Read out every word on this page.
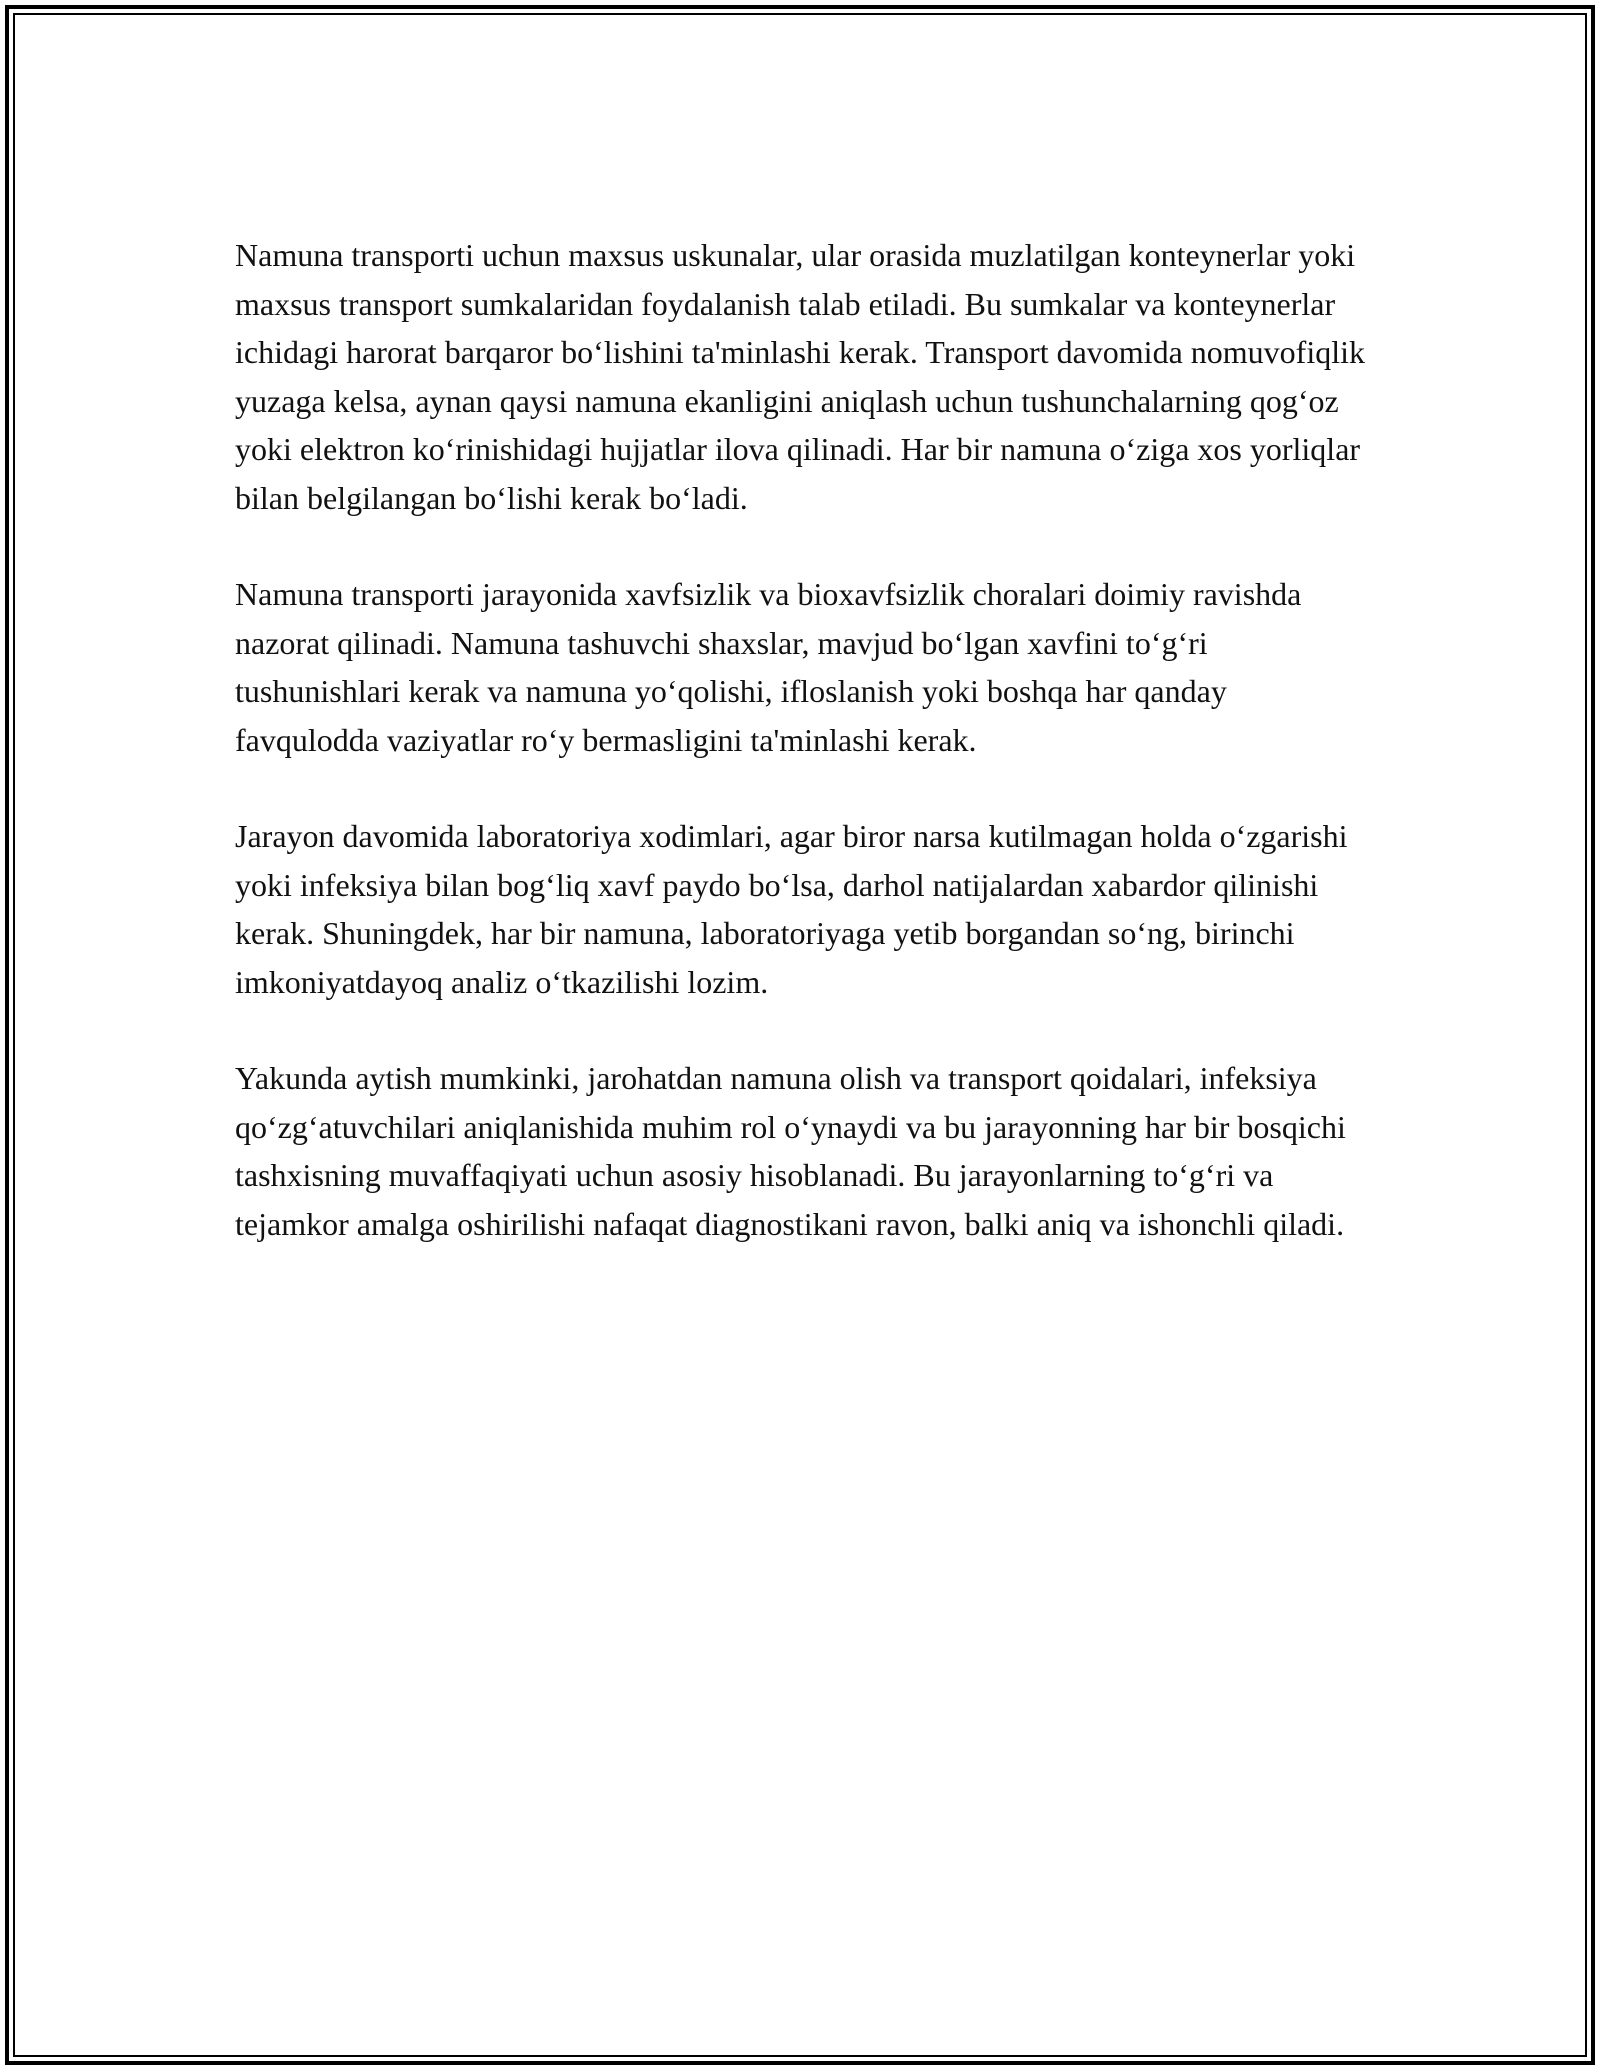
Namuna transporti uchun maxsus uskunalar, ular orasida muzlatilgan konteynerlar yoki maxsus transport sumkalaridan foydalanish talab etiladi. Bu sumkalar va konteynerlar ichidagi harorat barqaror bo‘lishini ta'minlashi kerak. Transport davomida nomuvofiqlik yuzaga kelsa, aynan qaysi namuna ekanligini aniqlash uchun tushunchalarning qog‘oz yoki elektron ko‘rinishidagi hujjatlar ilova qilinadi. Har bir namuna o‘ziga xos yorliqlar bilan belgilangan bo‘lishi kerak bo‘ladi.

Namuna transporti jarayonida xavfsizlik va bioxavfsizlik choralari doimiy ravishda nazorat qilinadi. Namuna tashuvchi shaxslar, mavjud bo‘lgan xavfini to‘g‘ri tushunishlari kerak va namuna yo‘qolishi, ifloslanish yoki boshqa har qanday favqulodda vaziyatlar ro‘y bermasligini ta'minlashi kerak.

Jarayon davomida laboratoriya xodimlari, agar biror narsa kutilmagan holda o‘zgarishi yoki infeksiya bilan bog‘liq xavf paydo bo‘lsa, darhol natijalardan xabardor qilinishi kerak. Shuningdek, har bir namuna, laboratoriyaga yetib borgandan so‘ng, birinchi imkoniyatdayoq analiz o‘tkazilishi lozim.

Yakunda aytish mumkinki, jarohatdan namuna olish va transport qoidalari, infeksiya qo‘zg‘atuvchilari aniqlanishida muhim rol o‘ynaydi va bu jarayonning har bir bosqichi tashxisning muvaffaqiyati uchun asosiy hisoblanadi. Bu jarayonlarning to‘g‘ri va tejamkor amalga oshirilishi nafaqat diagnostikani ravon, balki aniq va ishonchli qiladi.
